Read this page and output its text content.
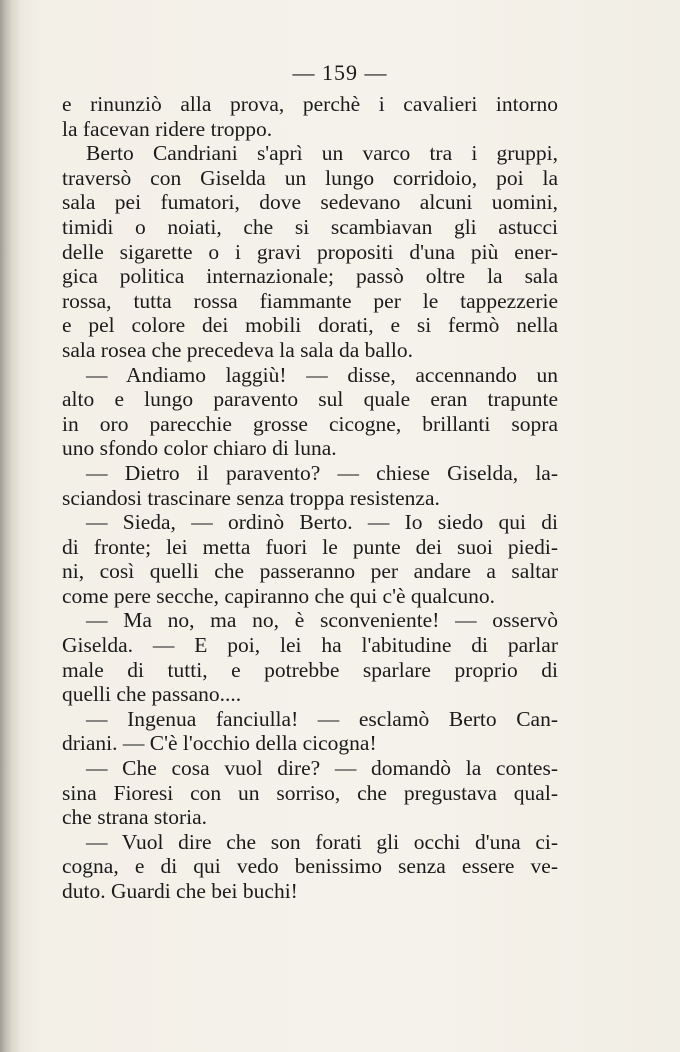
— 159 —
e rinunziò alla prova, perchè i cavalieri intorno
la facevan ridere troppo.
Berto Candriani s'aprì un varco tra i gruppi,
traversò con Giselda un lungo corridoio, poi la
sala pei fumatori, dove sedevano alcuni uomini,
timidi o noiati, che si scambiavan gli astucci
delle sigarette o i gravi propositi d'una più ener-
gica politica internazionale; passò oltre la sala
rossa, tutta rossa fiammante per le tappezzerie
e pel colore dei mobili dorati, e si fermò nella
sala rosea che precedeva la sala da ballo.
— Andiamo laggiù! — disse, accennando un
alto e lungo paravento sul quale eran trapunte
in oro parecchie grosse cicogne, brillanti sopra
uno sfondo color chiaro di luna.
— Dietro il paravento? — chiese Giselda, la-
sciandosi trascinare senza troppa resistenza.
— Sieda, — ordinò Berto. — Io siedo qui di
di fronte; lei metta fuori le punte dei suoi piedi-
ni, così quelli che passeranno per andare a saltar
come pere secche, capiranno che qui c'è qualcuno.
— Ma no, ma no, è sconveniente! — osservò
Giselda. — E poi, lei ha l'abitudine di parlar
male di tutti, e potrebbe sparlare proprio di
quelli che passano....
— Ingenua fanciulla! — esclamò Berto Can-
driani. — C'è l'occhio della cicogna!
— Che cosa vuol dire? — domandò la contes-
sina Fioresi con un sorriso, che pregustava qual-
che strana storia.
— Vuol dire che son forati gli occhi d'una ci-
cogna, e di qui vedo benissimo senza essere ve-
duto. Guardi che bei buchi!
